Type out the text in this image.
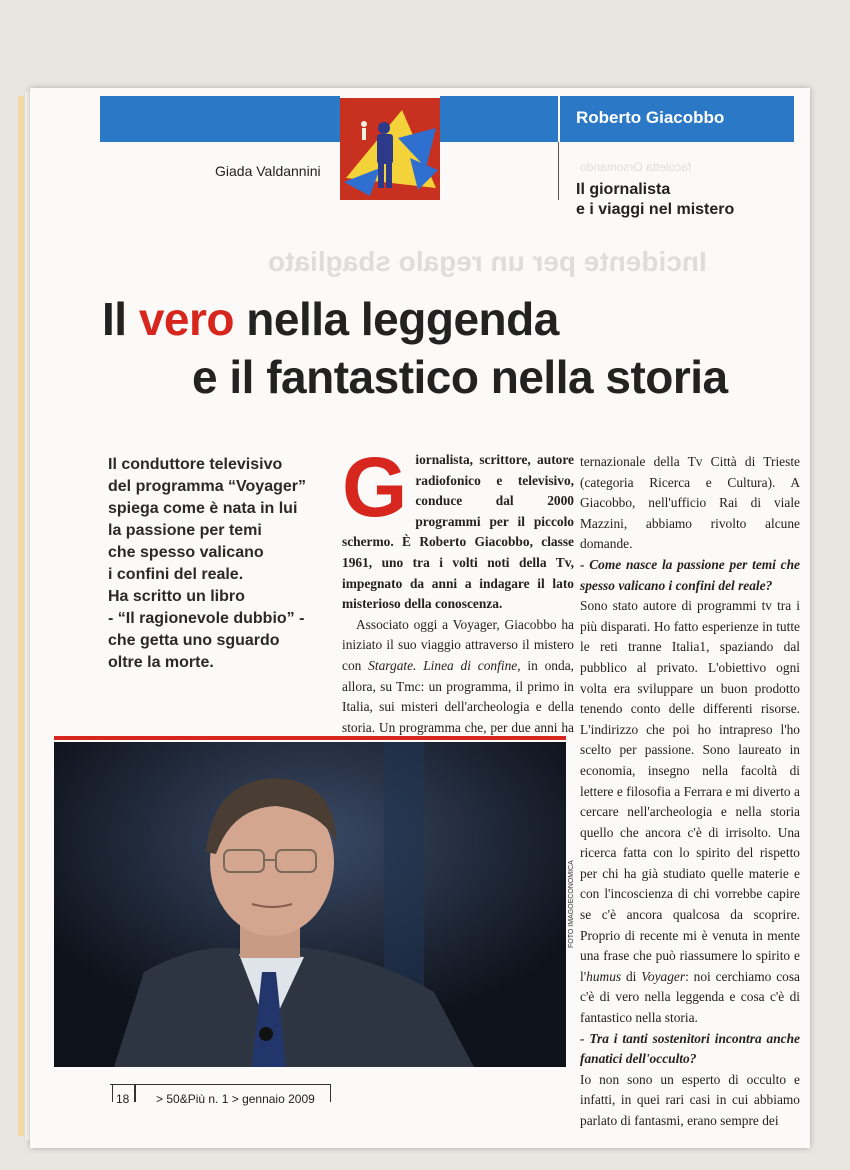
Incidente per un regalo sbagliato
facoletta Orsomando
Roberto Giacobbo
Giada Valdannini
Il giornalista
e i viaggi nel mistero
Il vero nella leggenda
e il fantastico nella storia
Il conduttore televisivo
del programma “Voyager”
spiega come è nata in lui
la passione per temi
che spesso valicano
i confini del reale.
Ha scritto un libro
- “Il ragionevole dubbio” -
che getta uno sguardo
oltre la morte.
G iornalista, scrittore, autore radiofonico e televisivo, conduce dal 2000 programmi per il piccolo schermo. È Roberto Giacobbo, classe 1961, uno tra i volti noti della Tv, impegnato da anni a indagare il lato misterioso della conoscenza.
Associato oggi a Voyager, Giacobbo ha iniziato il suo viaggio attraverso il mistero con Stargate. Linea di confine, in onda, allora, su Tmc: un programma, il primo in Italia, sui misteri dell'archeologia e della storia. Un programma che, per due anni ha
FOTO IMAGOECONOMICA
ternazionale della Tv Città di Trieste (categoria Ricerca e Cultura). A Giacobbo, nell'ufficio Rai di viale Mazzini, abbiamo rivolto alcune domande.
- Come nasce la passione per temi che spesso valicano i confini del reale?
Sono stato autore di programmi tv tra i più disparati. Ho fatto esperienze in tutte le reti tranne Italia1, spaziando dal pubblico al privato. L'obiettivo ogni volta era sviluppare un buon prodotto tenendo conto delle differenti risorse. L'indirizzo che poi ho intrapreso l'ho scelto per passione. Sono laureato in economia, insegno nella facoltà di lettere e filosofia a Ferrara e mi diverto a cercare nell'archeologia e nella storia quello che ancora c'è di irrisolto. Una ricerca fatta con lo spirito del rispetto per chi ha già studiato quelle materie e con l'incoscienza di chi vorrebbe capire se c'è ancora qualcosa da scoprire. Proprio di recente mi è venuta in mente una frase che può riassumere lo spirito e l'humus di Voyager: noi cerchiamo cosa c'è di vero nella leggenda e cosa c'è di fantastico nella storia.
- Tra i tanti sostenitori incontra anche fanatici dell'occulto?
Io non sono un esperto di occulto e infatti, in quei rari casi in cui abbiamo parlato di fantasmi, erano sempre dei
18 > 50&Più n. 1 > gennaio 2009
